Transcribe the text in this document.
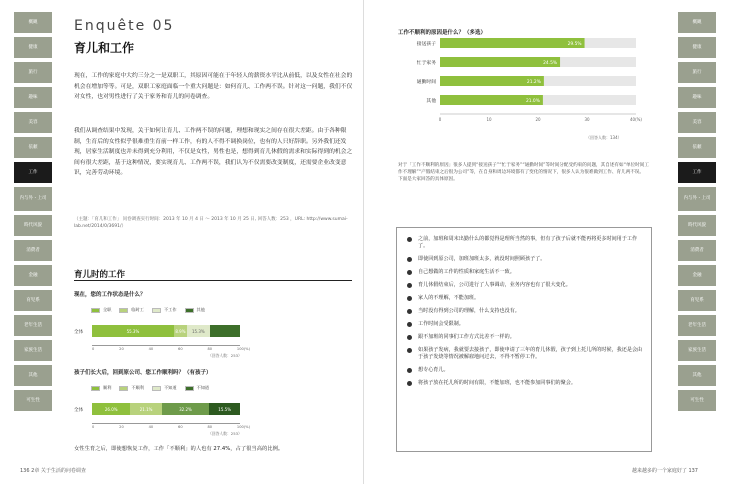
概観
健康
旅行
趣味
美容
依頼
工作
内与外・上司
時代风貌
消費者
金融
育児系
老年生活
家族生活
其他
可生性
Enquête 05
育儿和工作
现在，工作的家庭中大约三分之一是双职工，其原因可能在于年轻人的薪资水平比从前低，以及女性在社会的机会在增加等等。可是，双职工家庭面临一个重大问题是：如何育儿、工作两不误。针对这一问题，我们不仅对女性，也对男性进行了关于家务和育儿的问卷调查。
我们从调查结果中发现，关于如何让育儿、工作两不误的问题，理想和现实之间存在很大差距。由于各种限制，生育后的女性似乎很难重生育前一样工作，有的人不得不调换岗位，也有的人只好辞职。另外我们还发现，居家生活制度也并未得到充分利用，不仅是女性，男性也是，想得到育儿休假的需求和实际得到的机会之间有很大差距，基于这种情况，要实现育儿、工作两不误，我们认为不仅需要改变制度，还需要企业改变意识，完善劳动环境。
（主题：「育儿和工作」 问卷调查实行时间：2013 年 10 月 4 日 ～ 2013 年 10 月 25 日, 回答人数：253 ，URL: http://www.sumai-lab.net/2014/0/3691/）
育儿时的工作
现在，您的工作状态是什么？
全职	临时工	不工作	其他
全体	55.3%	8.9%	15.3%
0	20	40	60	80	100(%)
（回答人数：253）
孩子们长大后，回到原公司、您工作顺利吗？（有孩子）
顺利	不顺利	不知道	不知道
全体	26.0%	21.1%	32.2%	15.5%
0	20	40	60	80	100(%)
（回答人数：253）
女性生育之后，即使想恢复工作，工作「不顺利」的人也有 27.4%，占了很当高的比例。
136 2章 关于生活的问卷调查
概観
健康
旅行
趣味
美容
依頼
工作
内与外・上司
時代风貌
消費者
金融
育児系
老年生活
家族生活
其他
可生性
工作不顺利的原因是什么？（多选）
接送孩子	29.5%
忙于家务	24.5%
通勤时间	21.2%
其他	21.0%
0	10	20	30	40(%)
（回答人数：134）
对于「工作不顺利的原因」很多人提到“接送孩子”“忙于家务”“通勤时间”等时间分配受约束的问题，其自述有如“单位时间工作不理解”“产假结束之后很为公司”等，在自身和周边环境都有了变化的情况下，很多人认为很难做到工作、育儿两不误。 下面是大家回答的具体原因。
之前，加班和周末出勤什么的都觉得是理所当然的事，但有了孩子后就不能再将更多时间用于工作了。
即使回到原公司，加班加班太多，就没时间照顾孩子了。
自己想做的工作的性质和家庭生活不一致。
育儿休假结束后，公司进行了人事调动，业务内容也有了很大变化。
家人的不理解，不能加班。
当时没有得到公司的理解，什么支持也没有。
工作时间会受限制。
跟不加班的同事们工作方式比差不一样的。
如果孩子发病，我就要去接孩子，即使申请了三年的育儿休假，孩子到上托儿所的时候，我还是会由于孩子发烧等情况被解雇地问过去，不得不暂停工作。
想专心育儿。
将孩子放在托儿所的时间有限，不能加班，也不能参加同事们的聚会。
越来越多的一个家庭好了 137
